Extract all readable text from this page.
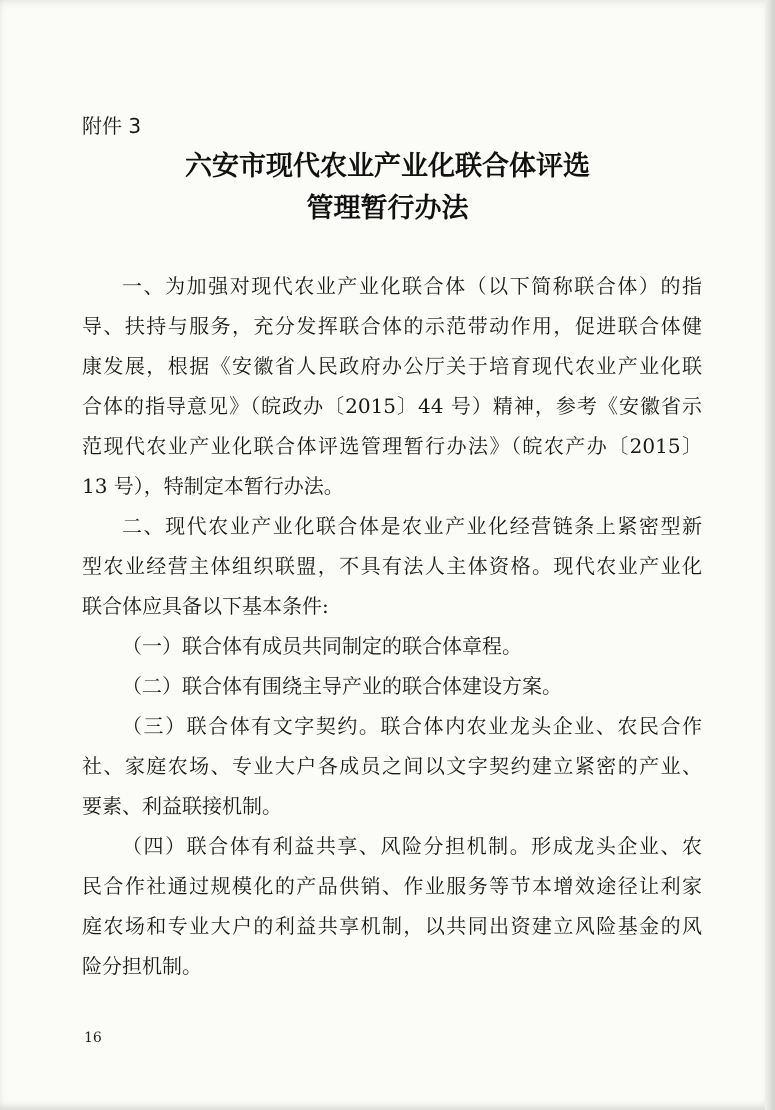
附件 3
六安市现代农业产业化联合体评选
管理暂行办法
一、为加强对现代农业产业化联合体（以下简称联合体）的指
导、扶持与服务，充分发挥联合体的示范带动作用，促进联合体健
康发展，根据《安徽省人民政府办公厅关于培育现代农业产业化联
合体的指导意见》（皖政办〔2015〕44 号）精神，参考《安徽省示
范现代农业产业化联合体评选管理暂行办法》（皖农产办〔2015〕
13 号），特制定本暂行办法。
二、现代农业产业化联合体是农业产业化经营链条上紧密型新
型农业经营主体组织联盟，不具有法人主体资格。现代农业产业化
联合体应具备以下基本条件:
（一）联合体有成员共同制定的联合体章程。
（二）联合体有围绕主导产业的联合体建设方案。
（三）联合体有文字契约。联合体内农业龙头企业、农民合作
社、家庭农场、专业大户各成员之间以文字契约建立紧密的产业、
要素、利益联接机制。
（四）联合体有利益共享、风险分担机制。形成龙头企业、农
民合作社通过规模化的产品供销、作业服务等节本增效途径让利家
庭农场和专业大户的利益共享机制，以共同出资建立风险基金的风
险分担机制。
16
